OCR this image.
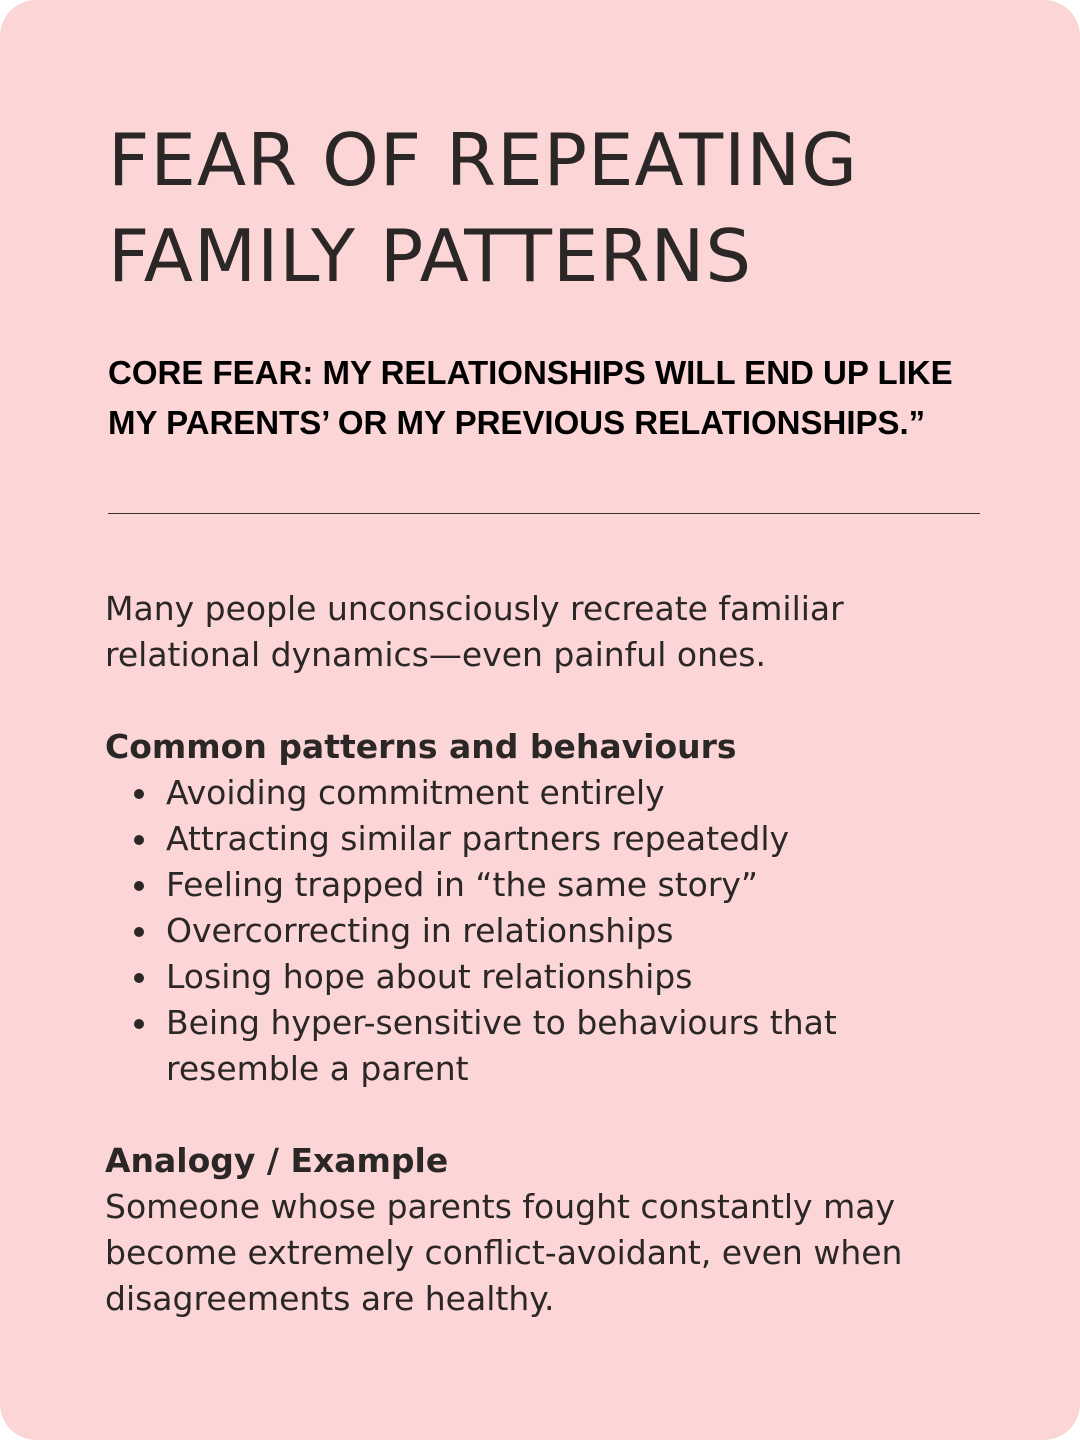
FEAR OF REPEATING
FAMILY PATTERNS

CORE FEAR: MY RELATIONSHIPS WILL END UP LIKE
MY PARENTS’ OR MY PREVIOUS RELATIONSHIPS.”

Many people unconsciously recreate familiar
relational dynamics—even painful ones.

Common patterns and behaviours
Avoiding commitment entirely
Attracting similar partners repeatedly
Feeling trapped in “the same story”
Overcorrecting in relationships
Losing hope about relationships
Being hyper-sensitive to behaviours that
resemble a parent
Analogy / Example

Someone whose parents fought constantly may
become extremely conflict-avoidant, even when
disagreements are healthy.
